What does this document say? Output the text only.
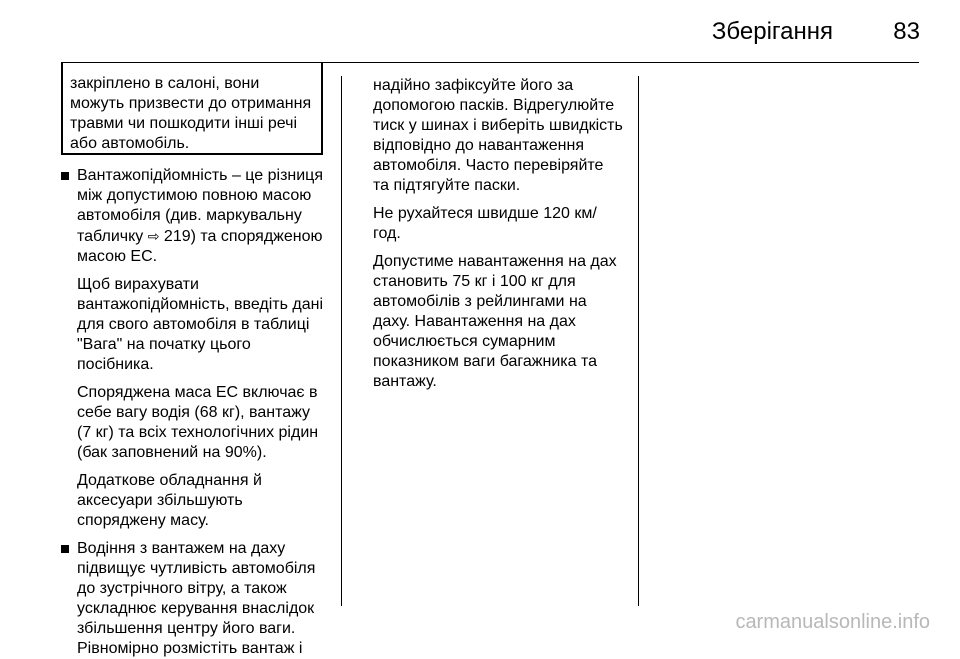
Зберігання	83
закріплено в салоні, вони
можуть призвести до отримання
травми чи пошкодити інші речі
або автомобіль.

Вантажопідйомність – це різниця
між допустимою повною масою
автомобіля (див. маркувальну
табличку ⇨ 219) та спорядженою
масою ЕС.

Щоб вирахувати
вантажопідйомність, введіть дані
для свого автомобіля в таблиці
"Вага" на початку цього
посібника.

Споряджена маса ЕС включає в
себе вагу водія (68 кг), вантажу
(7 кг) та всіх технологічних рідин
(бак заповнений на 90%).

Додаткове обладнання й
аксесуари збільшують
споряджену масу.

Водіння з вантажем на даху
підвищує чутливість автомобіля
до зустрічного вітру, а також
ускладнює керування внаслідок
збільшення центру його ваги.
Рівномірно розмістіть вантаж і

надійно зафіксуйте його за
допомогою пасків. Відрегулюйте
тиск у шинах і виберіть швидкість
відповідно до навантаження
автомобіля. Часто перевіряйте
та підтягуйте паски.

Не рухайтеся швидше 120 км/
год.

Допустиме навантаження на дах
становить 75 кг і 100 кг для
автомобілів з рейлингами на
даху. Навантаження на дах
обчислюється сумарним
показником ваги багажника та
вантажу.

carmanualsonline.info
